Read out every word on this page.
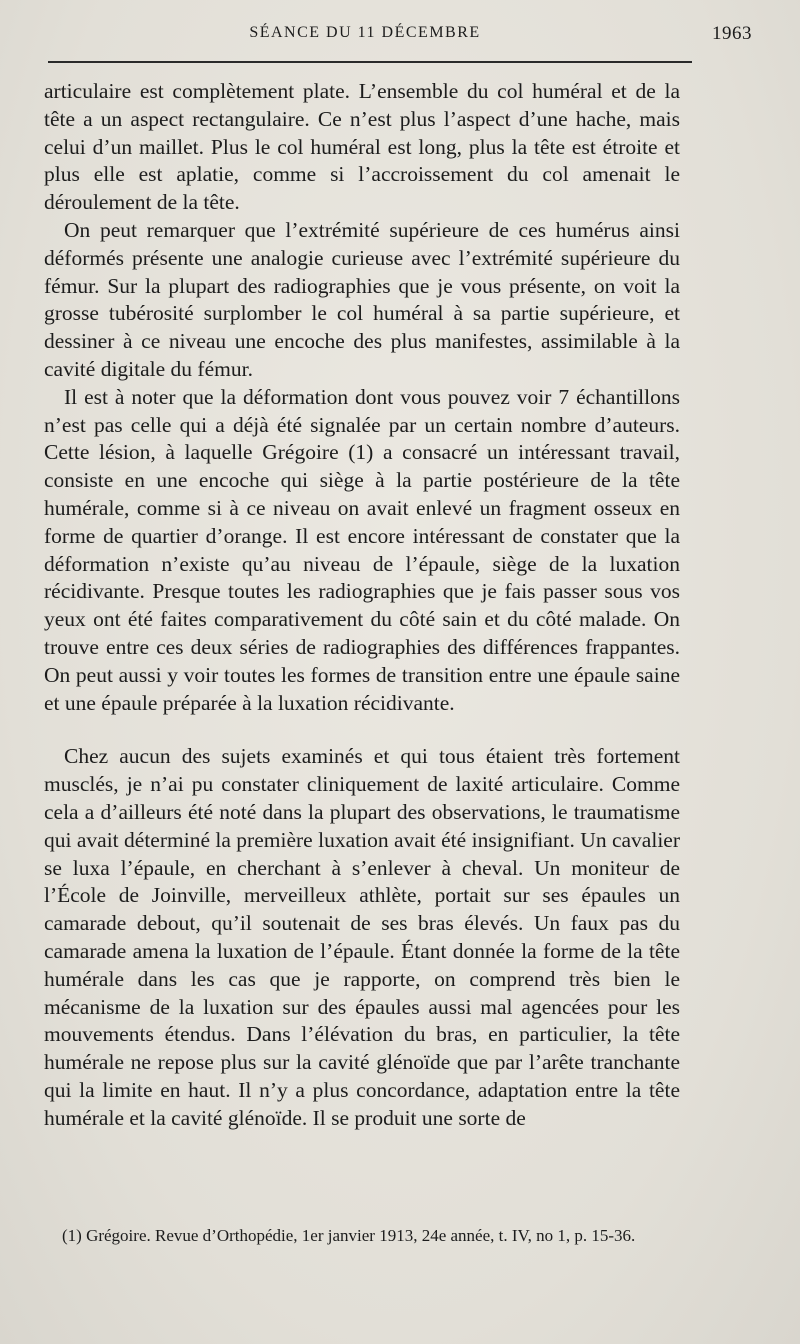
SÉANCE DU 11 DÉCEMBRE	1963

articulaire est complètement plate. L’ensemble du col huméral et de la tête a un aspect rectangulaire. Ce n’est plus l’aspect d’une hache, mais celui d’un maillet. Plus le col huméral est long, plus la tête est étroite et plus elle est aplatie, comme si l’accroissement du col amenait le déroulement de la tête.

On peut remarquer que l’extrémité supérieure de ces humérus ainsi déformés présente une analogie curieuse avec l’extrémité supérieure du fémur. Sur la plupart des radiographies que je vous présente, on voit la grosse tubérosité surplomber le col huméral à sa partie supérieure, et dessiner à ce niveau une encoche des plus manifestes, assimilable à la cavité digitale du fémur.

Il est à noter que la déformation dont vous pouvez voir 7 échantillons n’est pas celle qui a déjà été signalée par un certain nombre d’auteurs. Cette lésion, à laquelle Grégoire (1) a consacré un intéressant travail, consiste en une encoche qui siège à la partie postérieure de la tête humérale, comme si à ce niveau on avait enlevé un fragment osseux en forme de quartier d’orange. Il est encore intéressant de constater que la déformation n’existe qu’au niveau de l’épaule, siège de la luxation récidivante. Presque toutes les radiographies que je fais passer sous vos yeux ont été faites comparativement du côté sain et du côté malade. On trouve entre ces deux séries de radiographies des différences frappantes. On peut aussi y voir toutes les formes de transition entre une épaule saine et une épaule préparée à la luxation récidivante.

Chez aucun des sujets examinés et qui tous étaient très fortement musclés, je n’ai pu constater cliniquement de laxité articulaire. Comme cela a d’ailleurs été noté dans la plupart des observations, le traumatisme qui avait déterminé la première luxation avait été insignifiant. Un cavalier se luxa l’épaule, en cherchant à s’enlever à cheval. Un moniteur de l’École de Joinville, merveilleux athlète, portait sur ses épaules un camarade debout, qu’il soutenait de ses bras élevés. Un faux pas du camarade amena la luxation de l’épaule. Étant donnée la forme de la tête humérale dans les cas que je rapporte, on comprend très bien le mécanisme de la luxation sur des épaules aussi mal agencées pour les mouvements étendus. Dans l’élévation du bras, en particulier, la tête humérale ne repose plus sur la cavité glénoïde que par l’arête tranchante qui la limite en haut. Il n’y a plus concordance, adaptation entre la tête humérale et la cavité glénoïde. Il se produit une sorte de

(1) Grégoire. Revue d’Orthopédie, 1er janvier 1913, 24e année, t. IV, no 1, p. 15-36.
